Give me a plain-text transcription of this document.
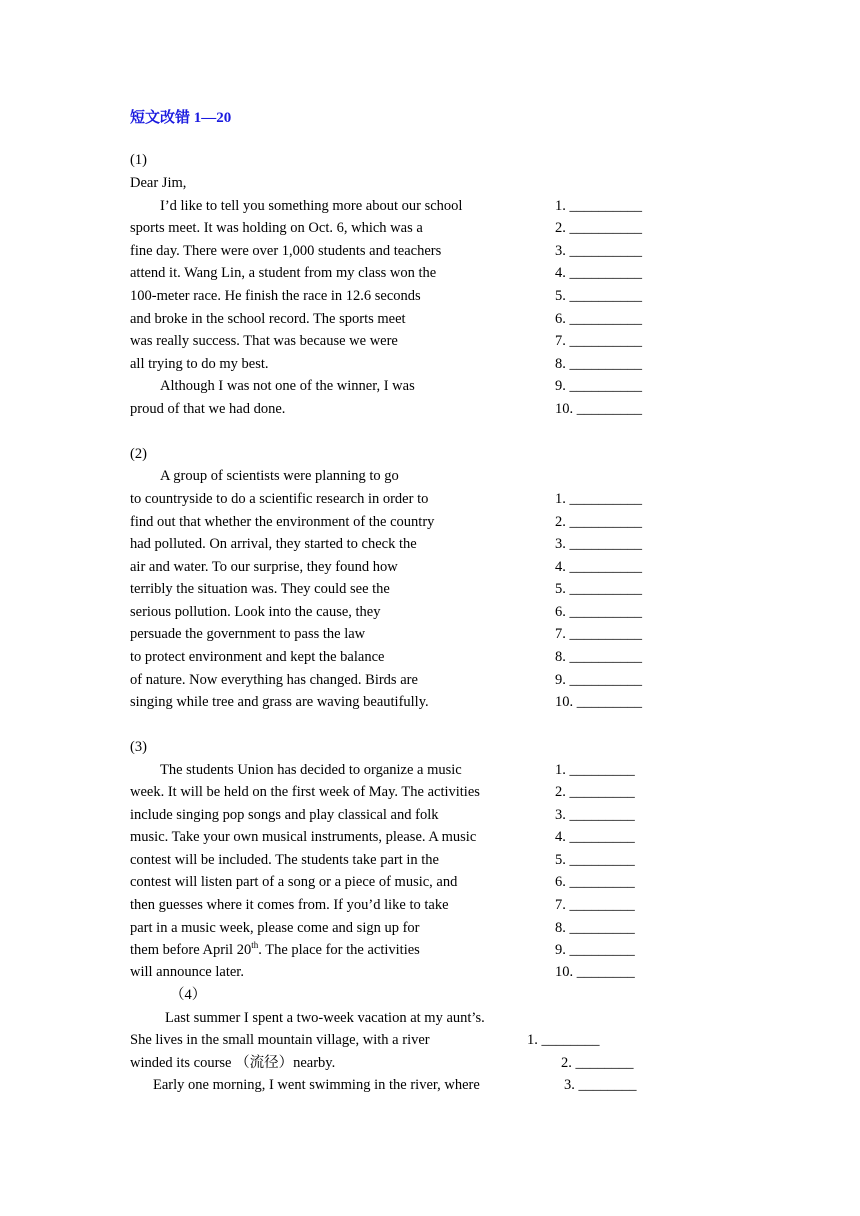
短文改错 1—20
(1)
Dear Jim,
I’d like to tell you something more about our school
sports meet. It was holding on Oct. 6, which was a
fine day. There were over 1,000 students and teachers
attend it. Wang Lin, a student from my class won the
100-meter race. He finish the race in 12.6 seconds
and broke in the school record. The sports meet
was really success. That was because we were
all trying to do my best.
Although I was not one of the winner, I was
proud of that we had done.
1. __________
2. __________
3. __________
4. __________
5. __________
6. __________
7. __________
8. __________
9. __________
10. _________
(2)
A group of scientists were planning to go
to countryside to do a scientific research in order to
find out that whether the environment of the country
had polluted. On arrival, they started to check the
air and water. To our surprise, they found how
terribly the situation was. They could see the
serious pollution. Look into the cause, they
persuade the government to pass the law
to protect environment and kept the balance
of nature. Now everything has changed. Birds are
singing while tree and grass are waving beautifully.
1. __________
2. __________
3. __________
4. __________
5. __________
6. __________
7. __________
8. __________
9. __________
10. _________
(3)
The students Union has decided to organize a music
week. It will be held on the first week of May. The activities
include singing pop songs and play classical and folk
music. Take your own musical instruments, please. A music
contest will be included. The students take part in the
contest will listen part of a song or a piece of music, and
then guesses where it comes from. If you’d like to take
part in a music week, please come and sign up for
them before April 20th. The place for the activities
will announce later.
1. _________
2. _________
3. _________
4. _________
5. _________
6. _________
7. _________
8. _________
9. _________
10. ________
（4）
Last summer I spent a two-week vacation at my aunt’s.
She lives in the small mountain village, with a river
winded its course （流径）nearby.
Early one morning, I went swimming in the river, where
1. ________
2. ________
3. ________
